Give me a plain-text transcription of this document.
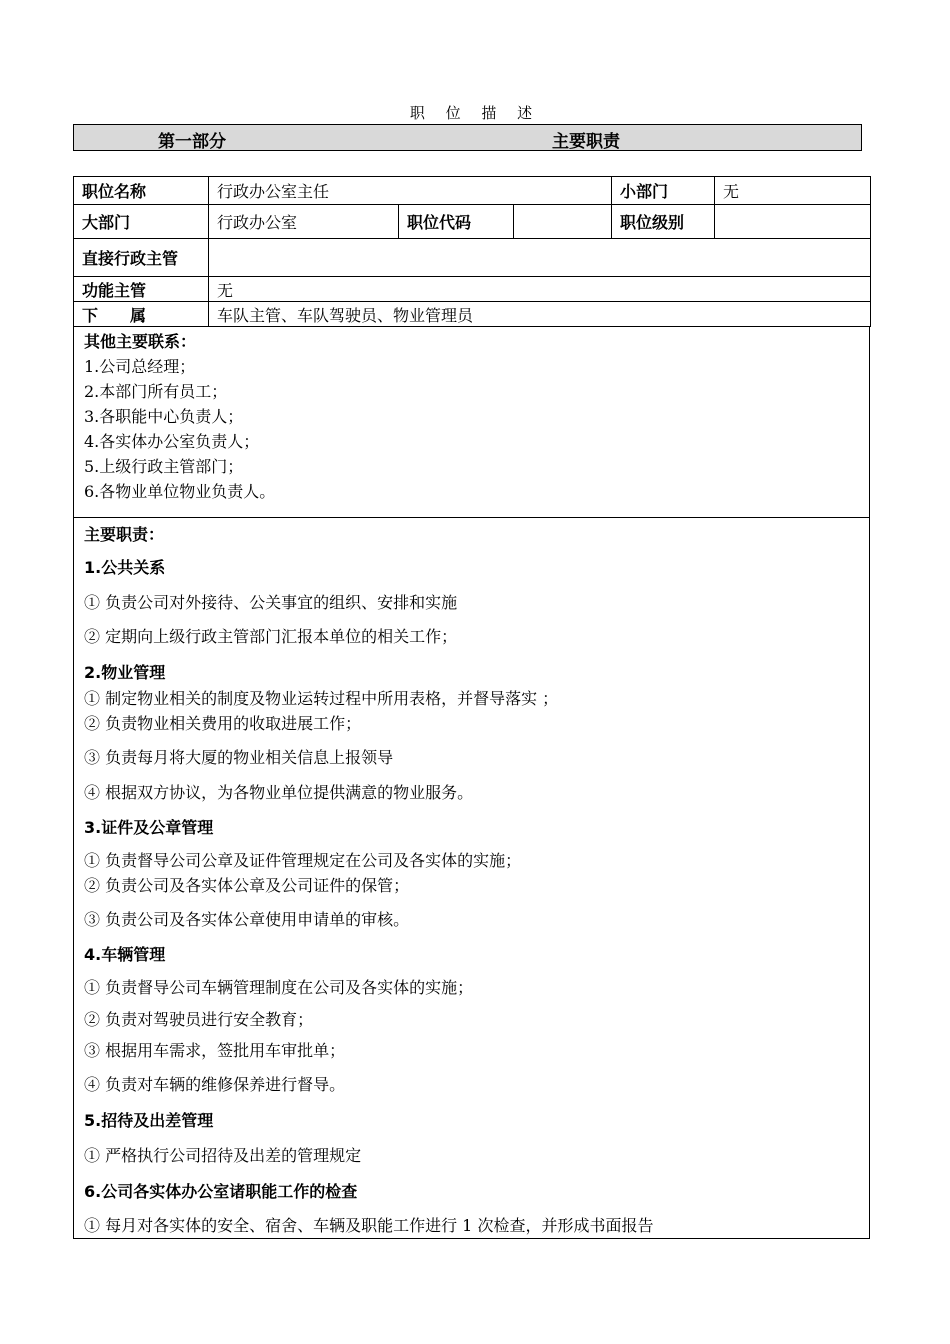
职 位 描 述
第一部分	主要职责
职位名称	行政办公室主任			小部门	无
大部门	行政办公室	职位代码		职位级别	
直接行政主管					
功能主管	无				
下　　属	车队主管、车队驾驶员、物业管理员				
其他主要联系：
1.公司总经理；
2.本部门所有员工；
3.各职能中心负责人；
4.各实体办公室负责人；
5.上级行政主管部门；
6.各物业单位物业负责人。
主要职责：
1.公共关系
① 负责公司对外接待、公关事宜的组织、安排和实施
② 定期向上级行政主管部门汇报本单位的相关工作；
2.物业管理
① 制定物业相关的制度及物业运转过程中所用表格，并督导落实 ；
② 负责物业相关费用的收取进展工作；
③ 负责每月将大厦的物业相关信息上报领导
④ 根据双方协议，为各物业单位提供满意的物业服务。
3.证件及公章管理
① 负责督导公司公章及证件管理规定在公司及各实体的实施；
② 负责公司及各实体公章及公司证件的保管；
③ 负责公司及各实体公章使用申请单的审核。
4.车辆管理
① 负责督导公司车辆管理制度在公司及各实体的实施；
② 负责对驾驶员进行安全教育；
③ 根据用车需求，签批用车审批单；
④ 负责对车辆的维修保养进行督导。
5.招待及出差管理
① 严格执行公司招待及出差的管理规定
6.公司各实体办公室诸职能工作的检查
① 每月对各实体的安全、宿舍、车辆及职能工作进行 1 次检查，并形成书面报告
